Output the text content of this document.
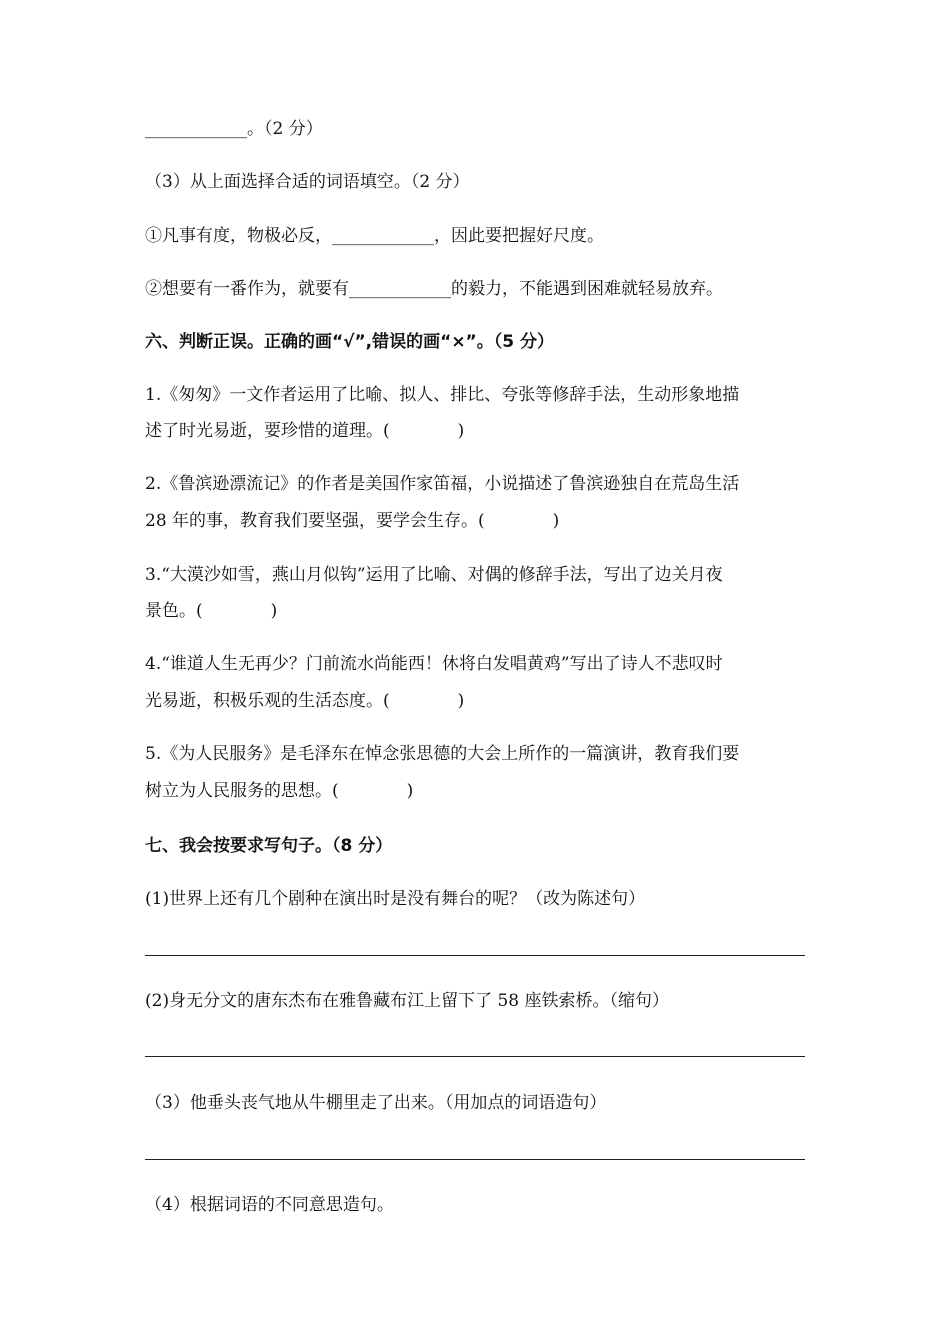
____________。（2 分）
（3）从上面选择合适的词语填空。（2 分）
①凡事有度，物极必反，____________，因此要把握好尺度。
②想要有一番作为，就要有____________的毅力，不能遇到困难就轻易放弃。
六、判断正误。正确的画“√”,错误的画“×”。（5 分）
1.《匆匆》一文作者运用了比喻、拟人、排比、夸张等修辞手法，生动形象地描
述了时光易逝，要珍惜的道理。(　　　　)
2.《鲁滨逊漂流记》的作者是美国作家笛福，小说描述了鲁滨逊独自在荒岛生活
28 年的事，教育我们要坚强，要学会生存。(　　　　)
3.“大漠沙如雪，燕山月似钩”运用了比喻、对偶的修辞手法，写出了边关月夜
景色。(　　　　)
4.“谁道人生无再少？门前流水尚能西！休将白发唱黄鸡”写出了诗人不悲叹时
光易逝，积极乐观的生活态度。(　　　　)
5.《为人民服务》是毛泽东在悼念张思德的大会上所作的一篇演讲，教育我们要
树立为人民服务的思想。(　　　　)
七、我会按要求写句子。（8 分）
(1)世界上还有几个剧种在演出时是没有舞台的呢？（改为陈述句）
(2)身无分文的唐东杰布在雅鲁藏布江上留下了 58 座铁索桥。（缩句）
（3）他垂头丧气地从牛棚里走了出来。（用加点的词语造句）
（4）根据词语的不同意思造句。
